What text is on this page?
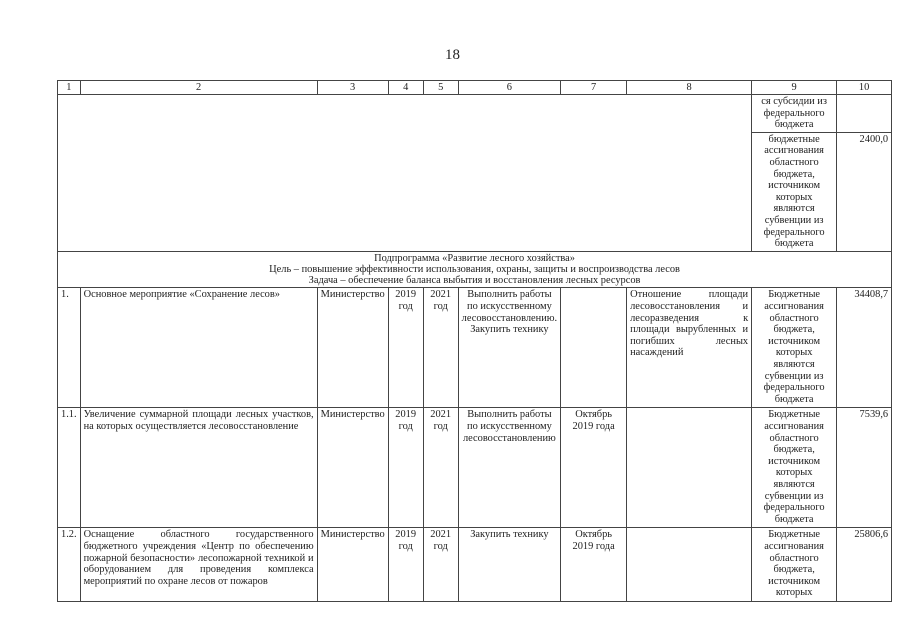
18
1	2	3	4	5	6	7	8	9	10
								ся субсидии из федерального бюджета	
								бюджетные ассигнования областного бюджета, источником которых являются субвенции из федерального бюджета	2400,0

Подпрограмма «Развитие лесного хозяйства»
Цель – повышение эффективности использования, охраны, защиты и воспроизводства лесов
Задача – обеспечение баланса выбытия и восстановления лесных ресурсов									

1.	Основное мероприятие «Сохранение лесов»	Министерство	2019 год	2021 год	Выполнить работы по искусственному лесовосстановлению. Закупить технику		Отношение площади лесовосстановления и лесоразведения к площади вырубленных и погибших лесных насаждений	Бюджетные ассигнования областного бюджета, источником которых являются субвенции из федерального бюджета	34408,7
1.1.	Увеличение суммарной площади лесных участков, на которых осуществляется лесовосстановление	Министерство	2019 год	2021 год	Выполнить работы по искусственному лесовосстановлению	Октябрь 2019 года		Бюджетные ассигнования областного бюджета, источником которых являются субвенции из федерального бюджета	7539,6
1.2.	Оснащение областного государственного бюджетного учреждения «Центр по обеспечению пожарной безопасности» лесопожарной техникой и оборудованием для проведения комплекса мероприятий по охране лесов от пожаров	Министерство	2019 год	2021 год	Закупить технику	Октябрь 2019 года		Бюджетные ассигнования областного бюджета, источником которых	25806,6
